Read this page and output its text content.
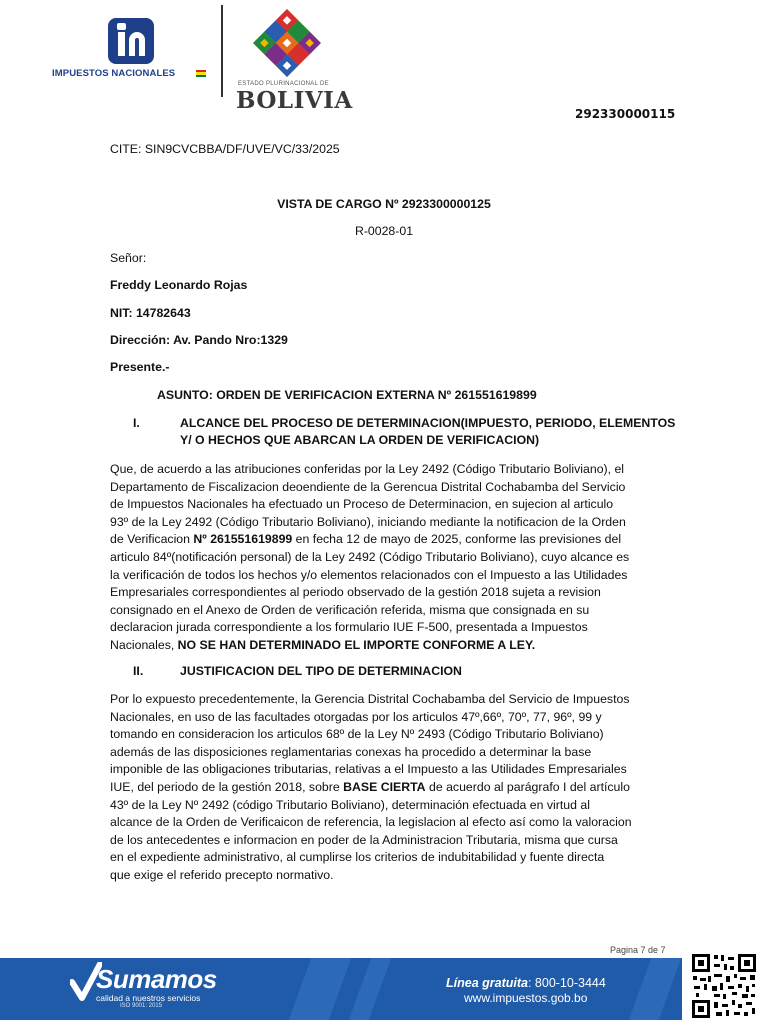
IMPUESTOS NACIONALES
ESTADO PLURINACIONAL DE
BOLIVIA	292330000115
CITE: SIN9CVCBBA/DF/UVE/VC/33/2025
VISTA DE CARGO Nº 2923300000125
R-0028-01
Señor:
Freddy Leonardo Rojas
NIT: 14782643
Dirección: Av. Pando Nro:1329
Presente.-
ASUNTO: ORDEN DE VERIFICACION EXTERNA Nº 261551619899
I.	ALCANCE DEL PROCESO DE DETERMINACION(IMPUESTO, PERIODO, ELEMENTOS
Y/ O HECHOS QUE ABARCAN LA ORDEN DE VERIFICACION)
Que, de acuerdo a las atribuciones conferidas por la Ley 2492 (Código Tributario Boliviano), el
Departamento de Fiscalizacion deoendiente de la Gerencua Distrital Cochabamba del Servicio
de Impuestos Nacionales ha efectuado un Proceso de Determinacion, en sujecion al articulo
93º de la Ley 2492 (Código Tributario Boliviano), iniciando mediante la notificacion de la Orden
de Verificacion Nº 261551619899 en fecha 12 de mayo de 2025, conforme las previsiones del
articulo 84º(notificación personal) de la Ley 2492 (Código Tributario Boliviano), cuyo alcance es
la verificación de todos los hechos y/o elementos relacionados con el Impuesto a las Utilidades
Empresariales correspondientes al periodo observado de la gestión 2018 sujeta a revision
consignado en el Anexo de Orden de verificación referida, misma que consignada en su
declaracion jurada correspondiente a los formulario IUE F-500, presentada a Impuestos
Nacionales, NO SE HAN DETERMINADO EL IMPORTE CONFORME A LEY.
II.	JUSTIFICACION DEL TIPO DE DETERMINACION
Por lo expuesto precedentemente, la Gerencia Distrital Cochabamba del Servicio de Impuestos
Nacionales, en uso de las facultades otorgadas por los articulos 47º,66º, 70º, 77, 96º, 99 y
tomando en consideracion los articulos 68º de la Ley Nº 2493 (Código Tributario Boliviano)
además de las disposiciones reglamentarias conexas ha procedido a determinar la base
imponible de las obligaciones tributarias, relativas a el Impuesto a las Utilidades Empresariales
IUE, del periodo de la gestión 2018, sobre BASE CIERTA de acuerdo al parágrafo I del artículo
43º de la Ley Nº 2492 (código Tributario Boliviano), determinación efectuada en virtud al
alcance de la Orden de Verificaicon de referencia, la legislacion al efecto así como la valoracion
de los antecedentes e informacion en poder de la Administracion Tributaria, misma que cursa
en el expediente administrativo, al cumplirse los criterios de indubitabilidad y fuente directa
que exige el referido precepto normativo.
Pagina 7 de 7
Sumamos
calidad a nuestros servicios
ISO 9001: 2015
Línea gratuita: 800-10-3444
www.impuestos.gob.bo
